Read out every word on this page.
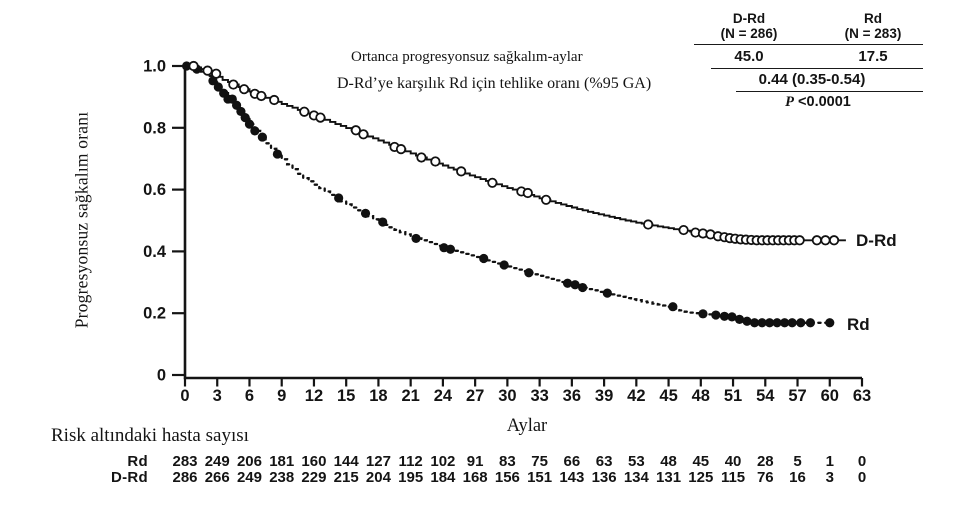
Progresyonsuz sağkalım oranı
1.0
0.8
0.6
0.4
0.2
0
0 3 6 9 12 15 18 21 24 27 30 33 36 39 42 45 48 51 54 57 60 63
Ortanca progresyonsuz sağkalım-aylar
D-Rd’ye karşılık Rd için tehlike oranı (%95 GA)
D-Rd
(N = 286)
Rd
(N = 283)
45.0	17.5
0.44 (0.35-0.54)
P <0.0001
D-Rd
Rd
Aylar
Risk altındaki hasta sayısı
Rd 283 249 206 181 160 144 127 112 102 91 83 75 66 63 53 48 45 40 28 5 1 0
D-Rd 286 266 249 238 229 215 204 195 184 168 156 151 143 136 134 131 125 115 76 16 3 0
